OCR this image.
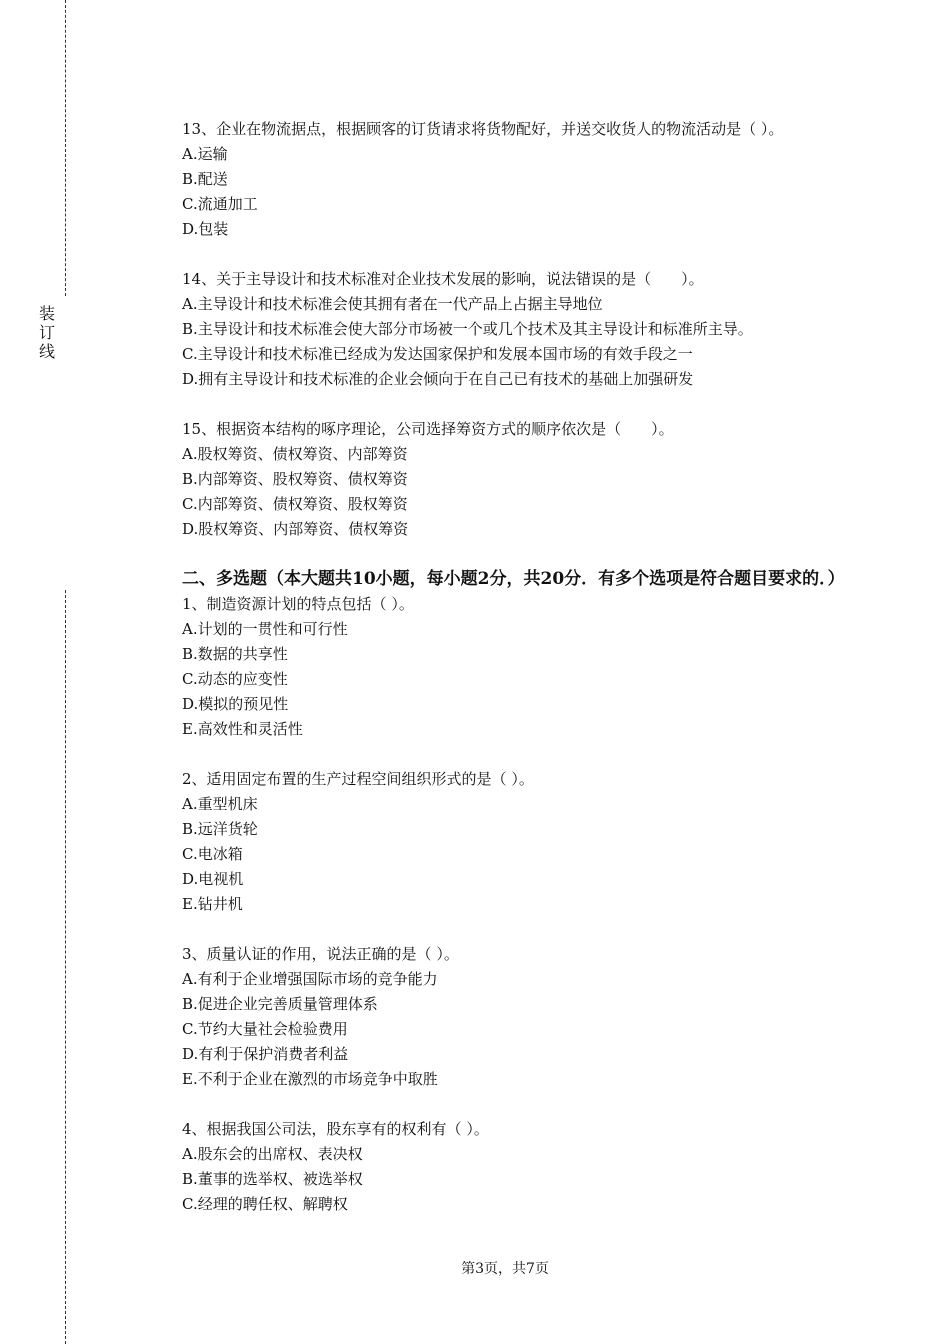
装订线
13、企业在物流据点，根据顾客的订货请求将货物配好，并送交收货人的物流活动是（ ）。
A.运输
B.配送
C.流通加工
D.包装
14、关于主导设计和技术标准对企业技术发展的影响，说法错误的是（　　）。
A.主导设计和技术标准会使其拥有者在一代产品上占据主导地位
B.主导设计和技术标准会使大部分市场被一个或几个技术及其主导设计和标准所主导。
C.主导设计和技术标准已经成为发达国家保护和发展本国市场的有效手段之一
D.拥有主导设计和技术标准的企业会倾向于在自己已有技术的基础上加强研发
15、根据资本结构的啄序理论，公司选择筹资方式的顺序依次是（　　）。
A.股权筹资、债权筹资、内部筹资
B.内部筹资、股权筹资、债权筹资
C.内部筹资、债权筹资、股权筹资
D.股权筹资、内部筹资、债权筹资
二、多选题（本大题共10小题，每小题2分，共20分．有多个选项是符合题目要求的．）
1、制造资源计划的特点包括（ ）。
A.计划的一贯性和可行性
B.数据的共享性
C.动态的应变性
D.模拟的预见性
E.高效性和灵活性
2、适用固定布置的生产过程空间组织形式的是（ ）。
A.重型机床
B.远洋货轮
C.电冰箱
D.电视机
E.钻井机
3、质量认证的作用，说法正确的是（ ）。
A.有利于企业增强国际市场的竞争能力
B.促进企业完善质量管理体系
C.节约大量社会检验费用
D.有利于保护消费者利益
E.不利于企业在激烈的市场竞争中取胜
4、根据我国公司法，股东享有的权利有（ ）。
A.股东会的出席权、表决权
B.董事的选举权、被选举权
C.经理的聘任权、解聘权
第3页，共7页
